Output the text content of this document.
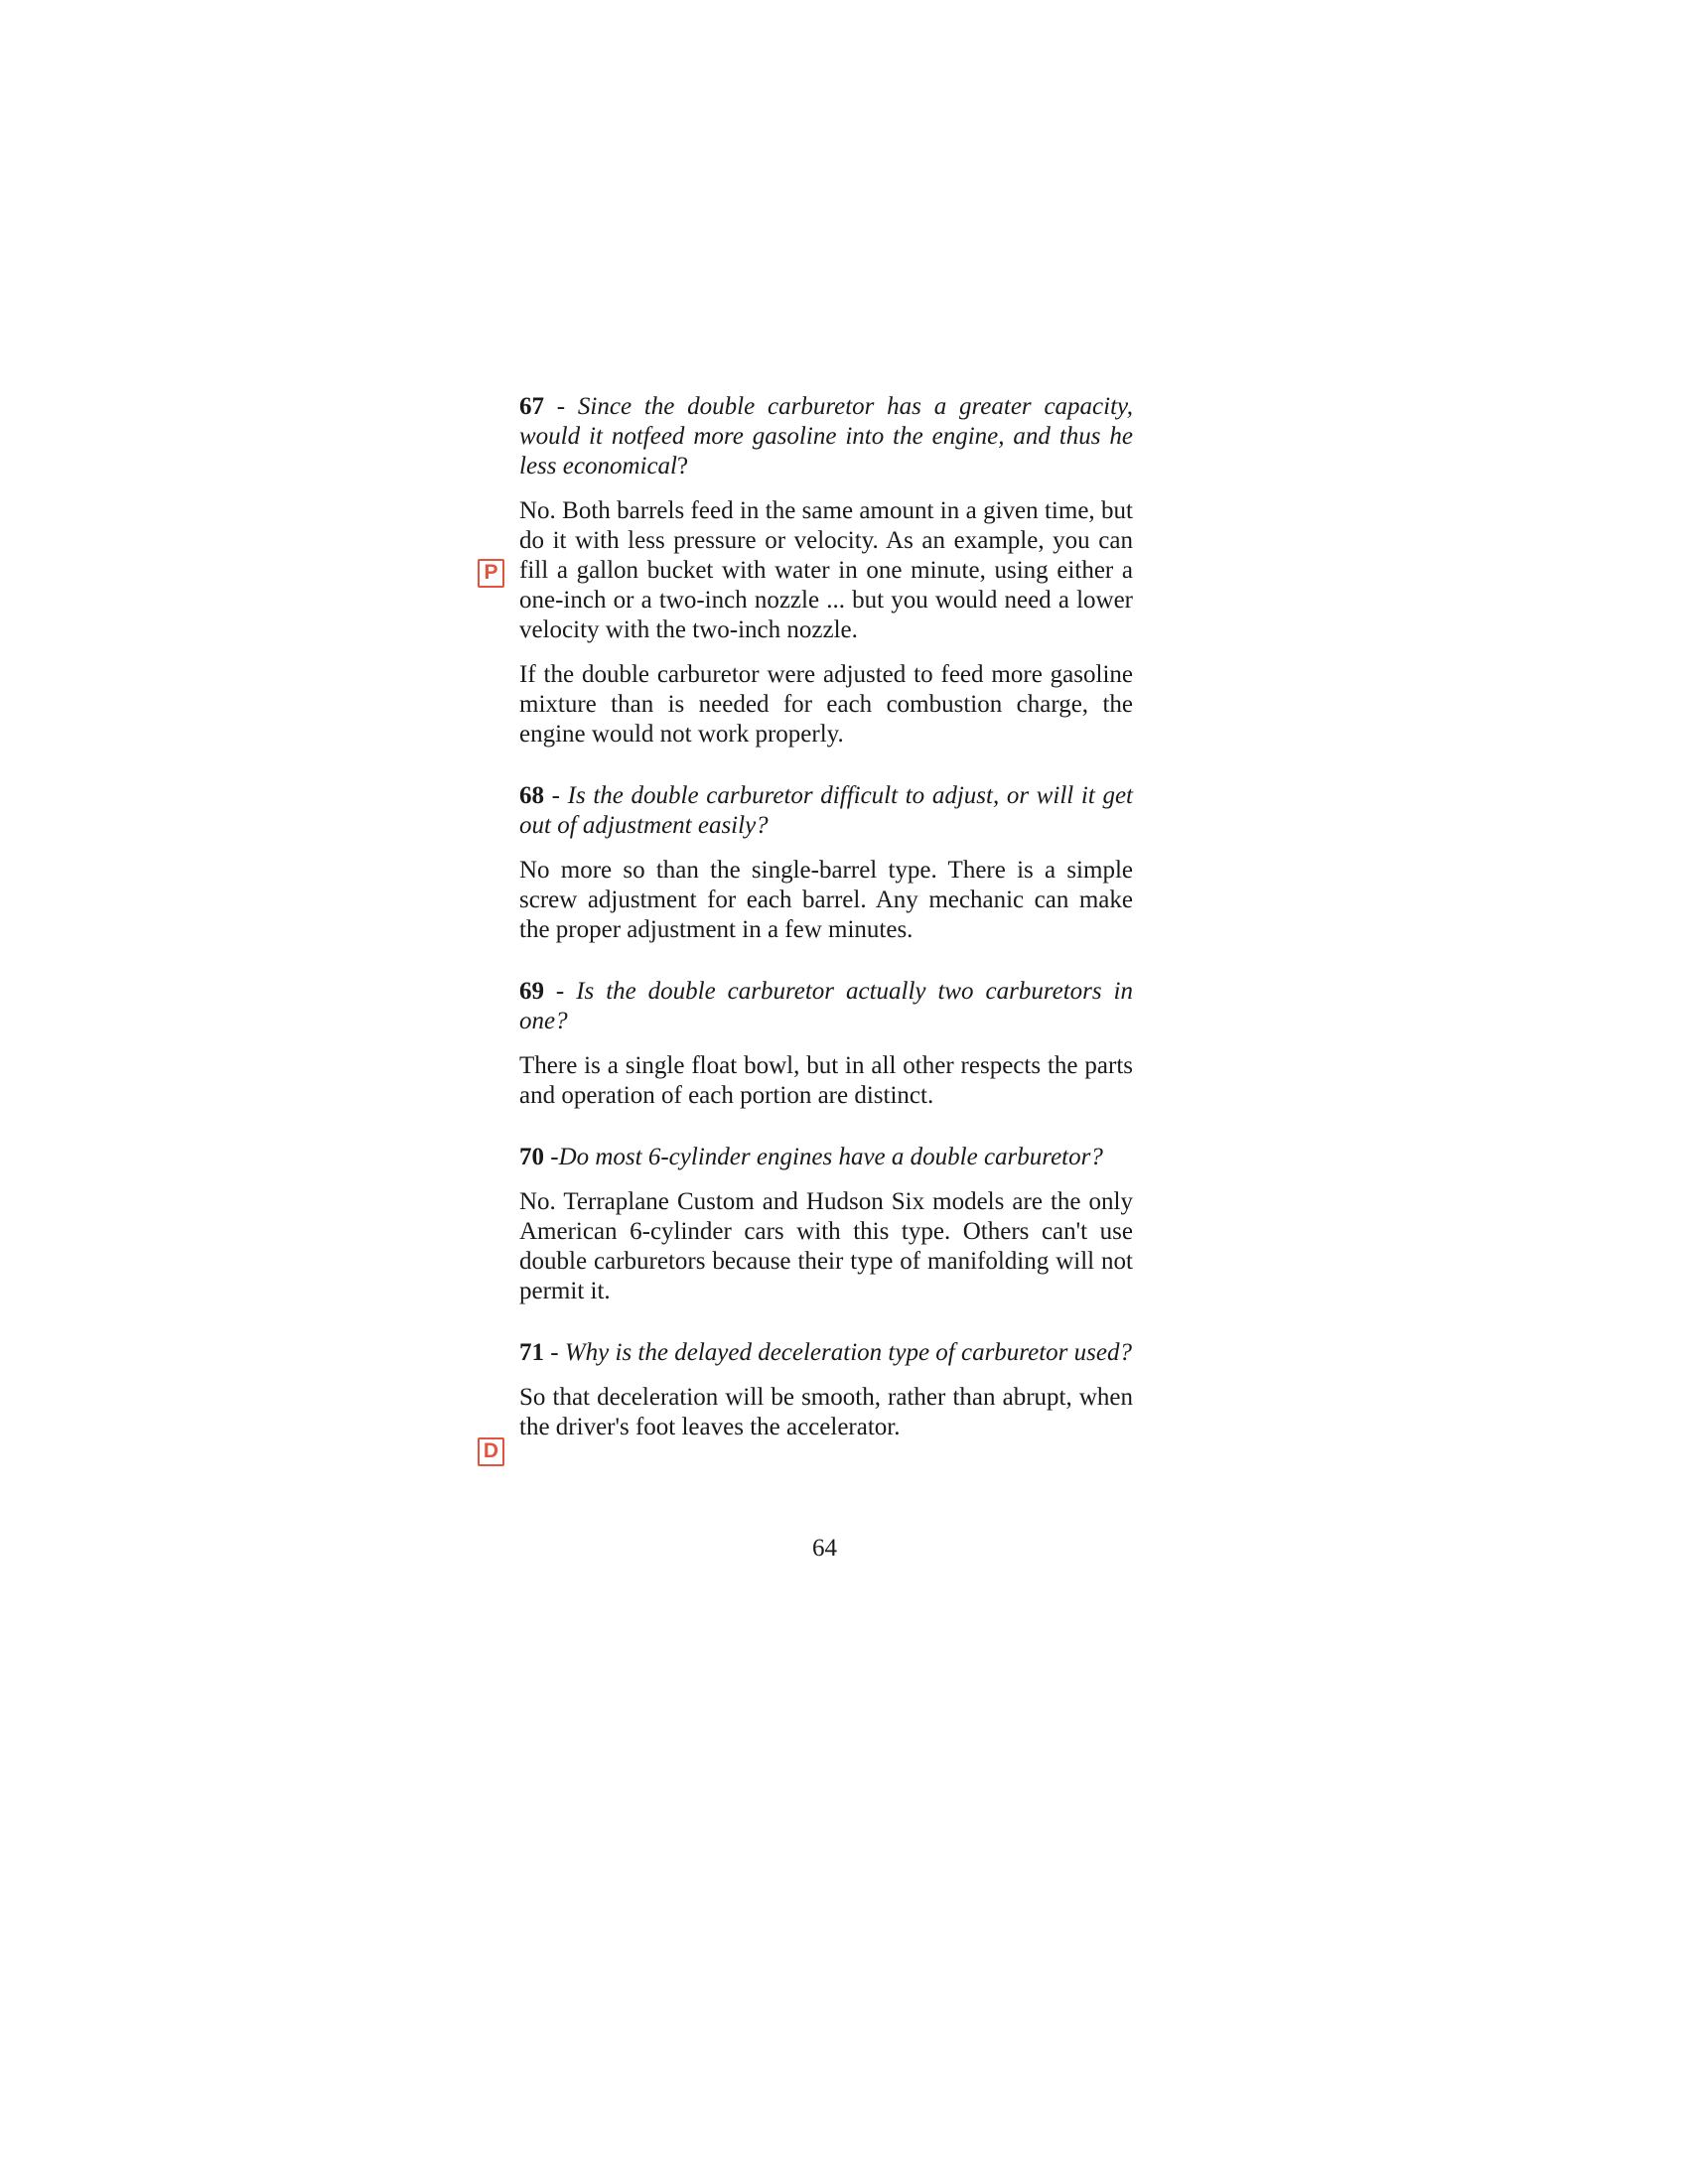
P
D

67 - Since the double carburetor has a greater capacity, would it notfeed more gasoline into the engine, and thus he less economical?

No. Both barrels feed in the same amount in a given time, but do it with less pressure or velocity. As an example, you can fill a gallon bucket with water in one minute, using either a one-inch or a two-inch nozzle ... but you would need a lower velocity with the two-inch nozzle.

If the double carburetor were adjusted to feed more gasoline mixture than is needed for each combustion charge, the engine would not work properly.

68 - Is the double carburetor difficult to adjust, or will it get out of adjustment easily?

No more so than the single-barrel type. There is a simple screw adjustment for each barrel. Any mechanic can make the proper adjustment in a few minutes.

69 - Is the double carburetor actually two carburetors in one?

There is a single float bowl, but in all other respects the parts and operation of each portion are distinct.

70 -Do most 6-cylinder engines have a double carburetor?

No. Terraplane Custom and Hudson Six models are the only American 6-cylinder cars with this type. Others can't use double carburetors because their type of manifolding will not permit it.

71 - Why is the delayed deceleration type of carburetor used?

So that deceleration will be smooth, rather than abrupt, when the driver's foot leaves the accelerator.

64
